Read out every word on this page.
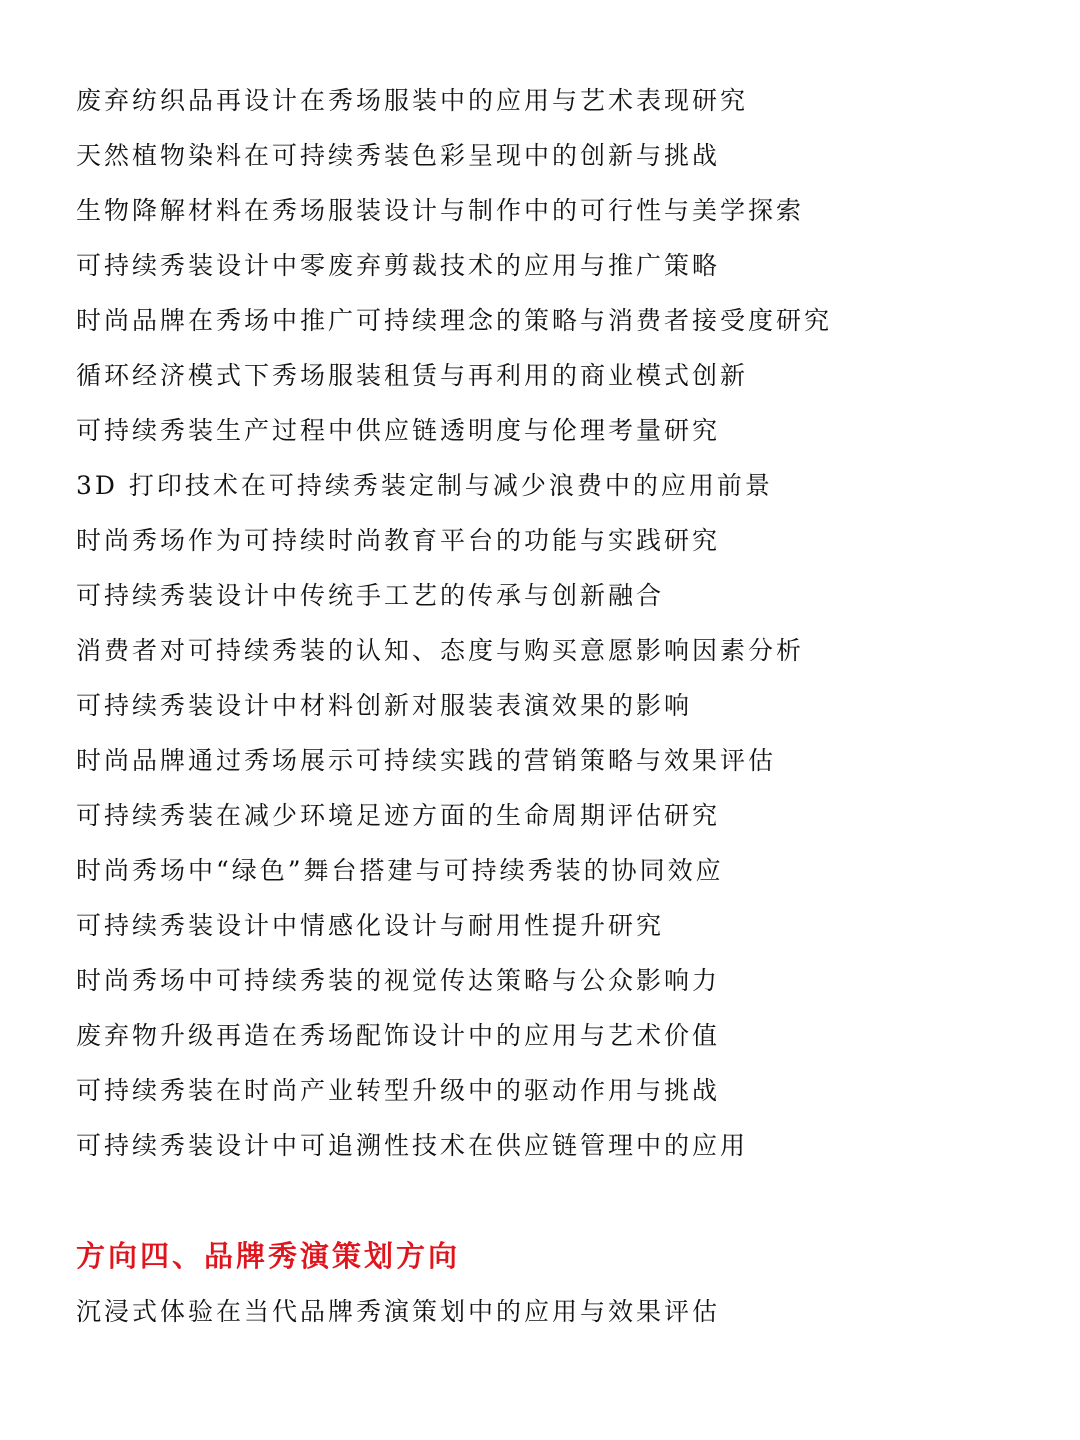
废弃纺织品再设计在秀场服装中的应用与艺术表现研究
天然植物染料在可持续秀装色彩呈现中的创新与挑战
生物降解材料在秀场服装设计与制作中的可行性与美学探索
可持续秀装设计中零废弃剪裁技术的应用与推广策略
时尚品牌在秀场中推广可持续理念的策略与消费者接受度研究
循环经济模式下秀场服装租赁与再利用的商业模式创新
可持续秀装生产过程中供应链透明度与伦理考量研究
3D 打印技术在可持续秀装定制与减少浪费中的应用前景
时尚秀场作为可持续时尚教育平台的功能与实践研究
可持续秀装设计中传统手工艺的传承与创新融合
消费者对可持续秀装的认知、态度与购买意愿影响因素分析
可持续秀装设计中材料创新对服装表演效果的影响
时尚品牌通过秀场展示可持续实践的营销策略与效果评估
可持续秀装在减少环境足迹方面的生命周期评估研究
时尚秀场中“绿色”舞台搭建与可持续秀装的协同效应
可持续秀装设计中情感化设计与耐用性提升研究
时尚秀场中可持续秀装的视觉传达策略与公众影响力
废弃物升级再造在秀场配饰设计中的应用与艺术价值
可持续秀装在时尚产业转型升级中的驱动作用与挑战
可持续秀装设计中可追溯性技术在供应链管理中的应用
方向四、品牌秀演策划方向
沉浸式体验在当代品牌秀演策划中的应用与效果评估
